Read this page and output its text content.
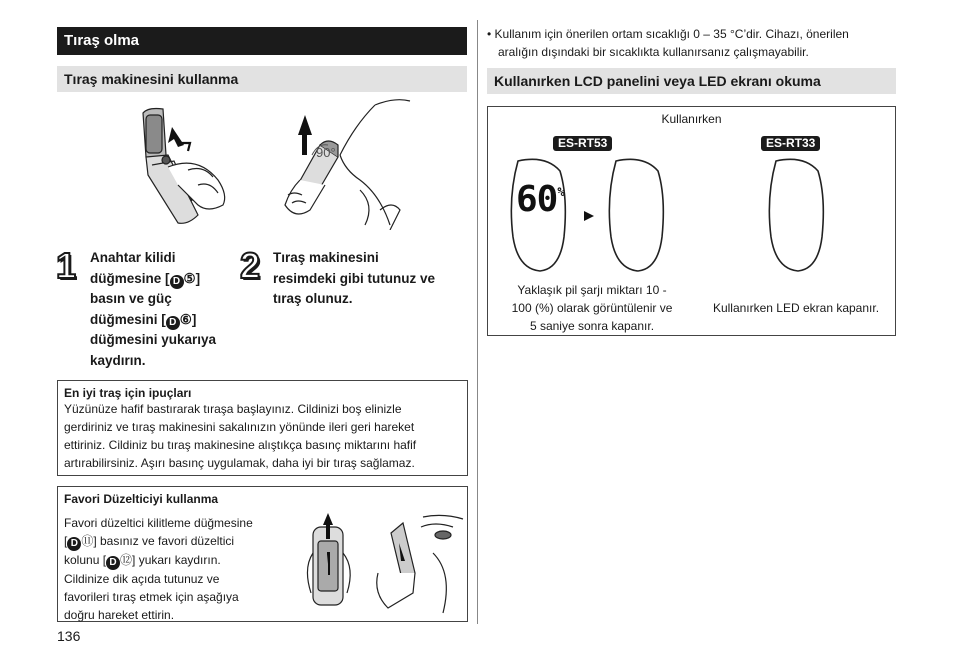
Tıraş olma
Tıraş makinesini kullanma
90°
1 Anahtar kilidi
düğmesine [ D ⑤]
basın ve güç
düğmesini [ D ⑥]
düğmesini yukarıya
kaydırın.
2 Tıraş makinesini
resimdeki gibi tutunuz ve
tıraş olunuz.
En iyi traş için ipuçları
Yüzünüze hafif bastırarak tıraşa başlayınız. Cildinizi boş elinizle
gerdiriniz ve tıraş makinesini sakalınızın yönünde ileri geri hareket
ettiriniz. Cildiniz bu tıraş makinesine alıştıkça basınç miktarını hafif
artırabilirsiniz. Aşırı basınç uygulamak, daha iyi bir tıraş sağlamaz.
Favori Düzelticiyi kullanma
Favori düzeltici kilitleme düğmesine
[ D ⑪] basınız ve favori düzeltici
kolunu [ D ⑫] yukarı kaydırın.
Cildinize dik açıda tutunuz ve
favorileri tıraş etmek için aşağıya
doğru hareket ettirin.
136
• Kullanım için önerilen ortam sıcaklığı 0 – 35 °C’dir. Cihazı, önerilen
aralığın dışındaki bir sıcaklıkta kullanırsanız çalışmayabilir.
Kullanırken LCD panelini veya LED ekranı okuma
Kullanırken
ES-RT53	ES-RT33
60%
Yaklaşık pil şarjı miktarı 10 -
100 (%) olarak görüntülenir ve
5 saniye sonra kapanır.
Kullanırken LED ekran kapanır.
